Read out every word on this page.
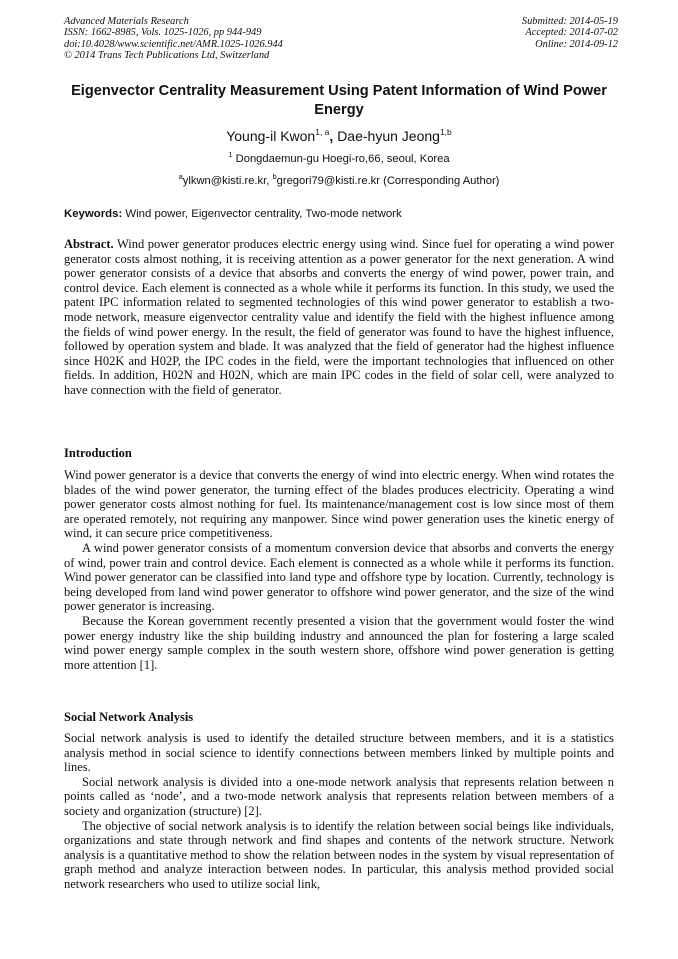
Advanced Materials Research
ISSN: 1662-8985, Vols. 1025-1026, pp 944-949
doi:10.4028/www.scientific.net/AMR.1025-1026.944
© 2014 Trans Tech Publications Ltd, Switzerland
Submitted: 2014-05-19
Accepted: 2014-07-02
Online: 2014-09-12
Eigenvector Centrality Measurement Using Patent Information of Wind Power Energy
Young-il Kwon$^{1, a}$, Dae-hyun Jeong$^{1,b}$
$^1$ Dongdaemun-gu Hoegi-ro,66, seoul, Korea
$^a$ylkwn@kisti.re.kr, $^b$gregori79@kisti.re.kr (Corresponding Author)
Keywords: Wind power, Eigenvector centrality, Two-mode network

Abstract. Wind power generator produces electric energy using wind. Since fuel for operating a wind power generator costs almost nothing, it is receiving attention as a power generator for the next generation. A wind power generator consists of a device that absorbs and converts the energy of wind power, power train, and control device. Each element is connected as a whole while it performs its function. In this study, we used the patent IPC information related to segmented technologies of this wind power generator to establish a two-mode network, measure eigenvector centrality value and identify the field with the highest influence among the fields of wind power energy. In the result, the field of generator was found to have the highest influence, followed by operation system and blade. It was analyzed that the field of generator had the highest influence since H02K and H02P, the IPC codes in the field, were the important technologies that influenced on other fields. In addition, H02N and H02N, which are main IPC codes in the field of solar cell, were analyzed to have connection with the field of generator.

Introduction

Wind power generator is a device that converts the energy of wind into electric energy. When wind rotates the blades of the wind power generator, the turning effect of the blades produces electricity. Operating a wind power generator costs almost nothing for fuel. Its maintenance/management cost is low since most of them are operated remotely, not requiring any manpower. Since wind power generation uses the kinetic energy of wind, it can secure price competitiveness.

A wind power generator consists of a momentum conversion device that absorbs and converts the energy of wind, power train and control device. Each element is connected as a whole while it performs its function. Wind power generator can be classified into land type and offshore type by location. Currently, technology is being developed from land wind power generator to offshore wind power generator, and the size of the wind power generator is increasing.

Because the Korean government recently presented a vision that the government would foster the wind power energy industry like the ship building industry and announced the plan for fostering a large scaled wind power energy sample complex in the south western shore, offshore wind power generation is getting more attention [1].

Social Network Analysis

Social network analysis is used to identify the detailed structure between members, and it is a statistics analysis method in social science to identify connections between members linked by multiple points and lines.

Social network analysis is divided into a one-mode network analysis that represents relation between n points called as ‘node’, and a two-mode network analysis that represents relation between members of a society and organization (structure) [2].

The objective of social network analysis is to identify the relation between social beings like individuals, organizations and state through network and find shapes and contents of the network structure. Network analysis is a quantitative method to show the relation between nodes in the system by visual representation of graph method and analyze interaction between nodes. In particular, this analysis method provided social network researchers who used to utilize social link,
